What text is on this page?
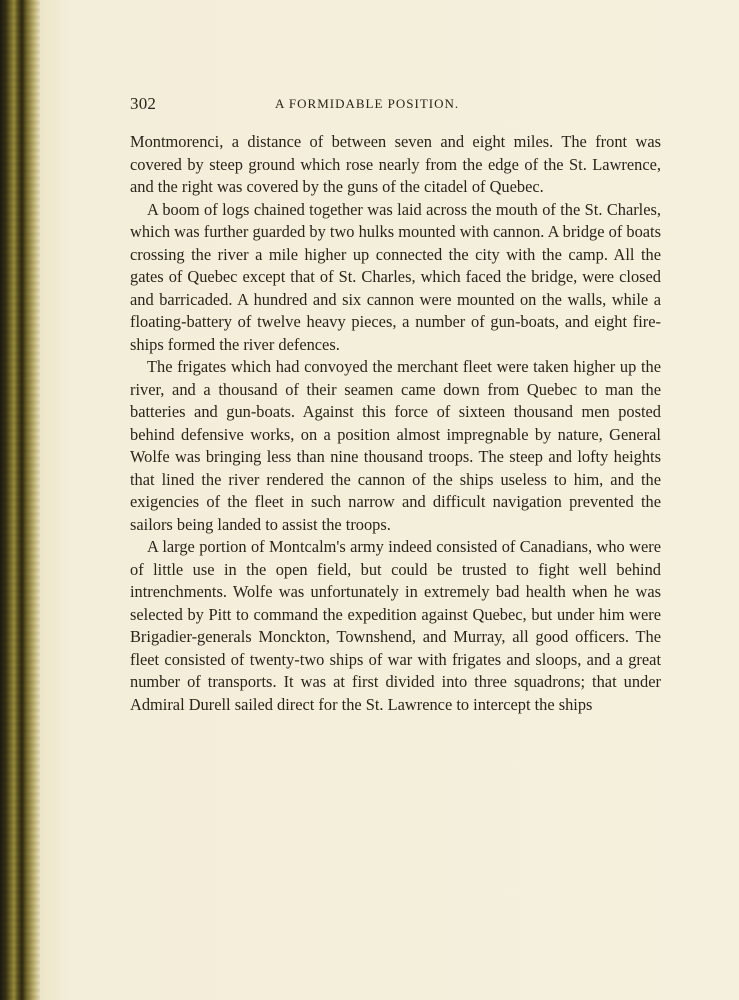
302	A FORMIDABLE POSITION.

Montmorenci, a distance of between seven and eight miles. The front was covered by steep ground which rose nearly from the edge of the St. Lawrence, and the right was covered by the guns of the citadel of Quebec.

A boom of logs chained together was laid across the mouth of the St. Charles, which was further guarded by two hulks mounted with cannon. A bridge of boats crossing the river a mile higher up connected the city with the camp. All the gates of Quebec except that of St. Charles, which faced the bridge, were closed and barricaded. A hundred and six cannon were mounted on the walls, while a floating-battery of twelve heavy pieces, a number of gun-boats, and eight fire-ships formed the river defences.

The frigates which had convoyed the merchant fleet were taken higher up the river, and a thousand of their seamen came down from Quebec to man the batteries and gun-boats. Against this force of sixteen thousand men posted behind defensive works, on a position almost impregnable by nature, General Wolfe was bringing less than nine thousand troops. The steep and lofty heights that lined the river rendered the cannon of the ships useless to him, and the exigencies of the fleet in such narrow and difficult navigation prevented the sailors being landed to assist the troops.

A large portion of Montcalm's army indeed consisted of Canadians, who were of little use in the open field, but could be trusted to fight well behind intrenchments. Wolfe was unfortunately in extremely bad health when he was selected by Pitt to command the expedition against Quebec, but under him were Brigadier-generals Monckton, Townshend, and Murray, all good officers. The fleet consisted of twenty-two ships of war with frigates and sloops, and a great number of transports. It was at first divided into three squadrons; that under Admiral Durell sailed direct for the St. Lawrence to intercept the ships
